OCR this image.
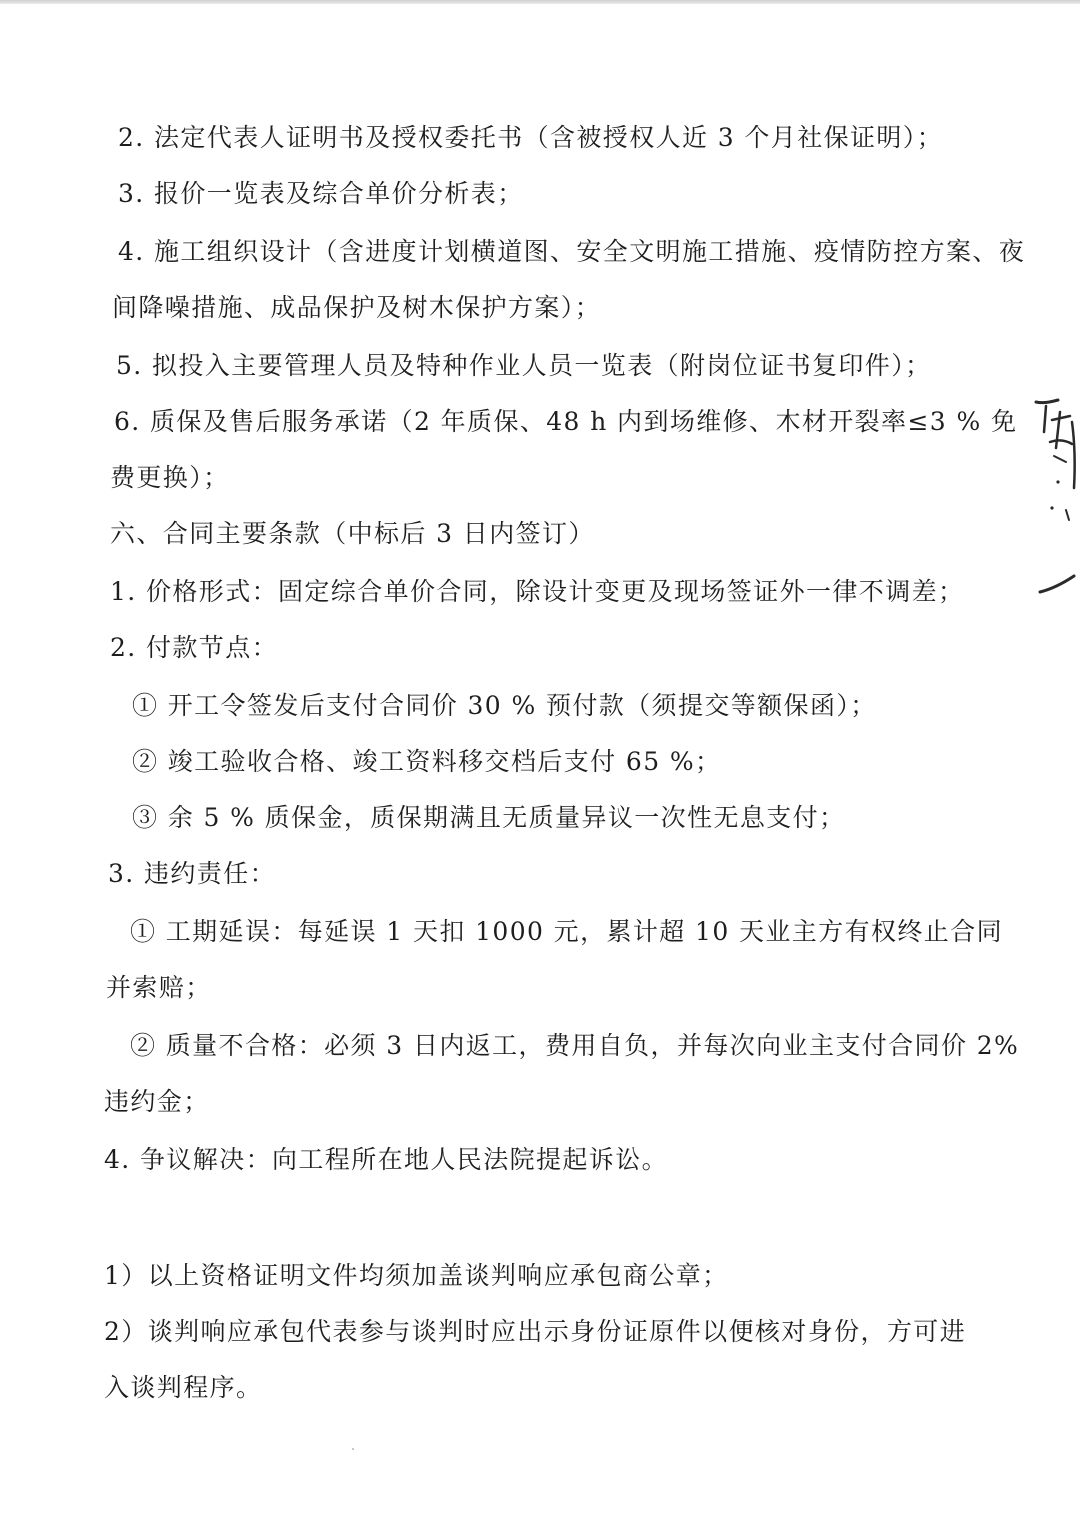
2. 法定代表人证明书及授权委托书（含被授权人近 3 个月社保证明）；
3. 报价一览表及综合单价分析表；
4. 施工组织设计（含进度计划横道图、安全文明施工措施、疫情防控方案、夜
间降噪措施、成品保护及树木保护方案）；
5. 拟投入主要管理人员及特种作业人员一览表（附岗位证书复印件）；
6. 质保及售后服务承诺（2 年质保、48 h 内到场维修、木材开裂率≤3 % 免
费更换）；
六、合同主要条款（中标后 3 日内签订）
1. 价格形式：固定综合单价合同，除设计变更及现场签证外一律不调差；
2. 付款节点：
① 开工令签发后支付合同价 30 % 预付款（须提交等额保函）；
② 竣工验收合格、竣工资料移交档后支付 65 %；
③ 余 5 % 质保金，质保期满且无质量异议一次性无息支付；
3. 违约责任：
① 工期延误：每延误 1 天扣 1000 元，累计超 10 天业主方有权终止合同
并索赔；
② 质量不合格：必须 3 日内返工，费用自负，并每次向业主支付合同价 2%
违约金；
4. 争议解决：向工程所在地人民法院提起诉讼。
1）以上资格证明文件均须加盖谈判响应承包商公章；
2）谈判响应承包代表参与谈判时应出示身份证原件以便核对身份，方可进
入谈判程序。
